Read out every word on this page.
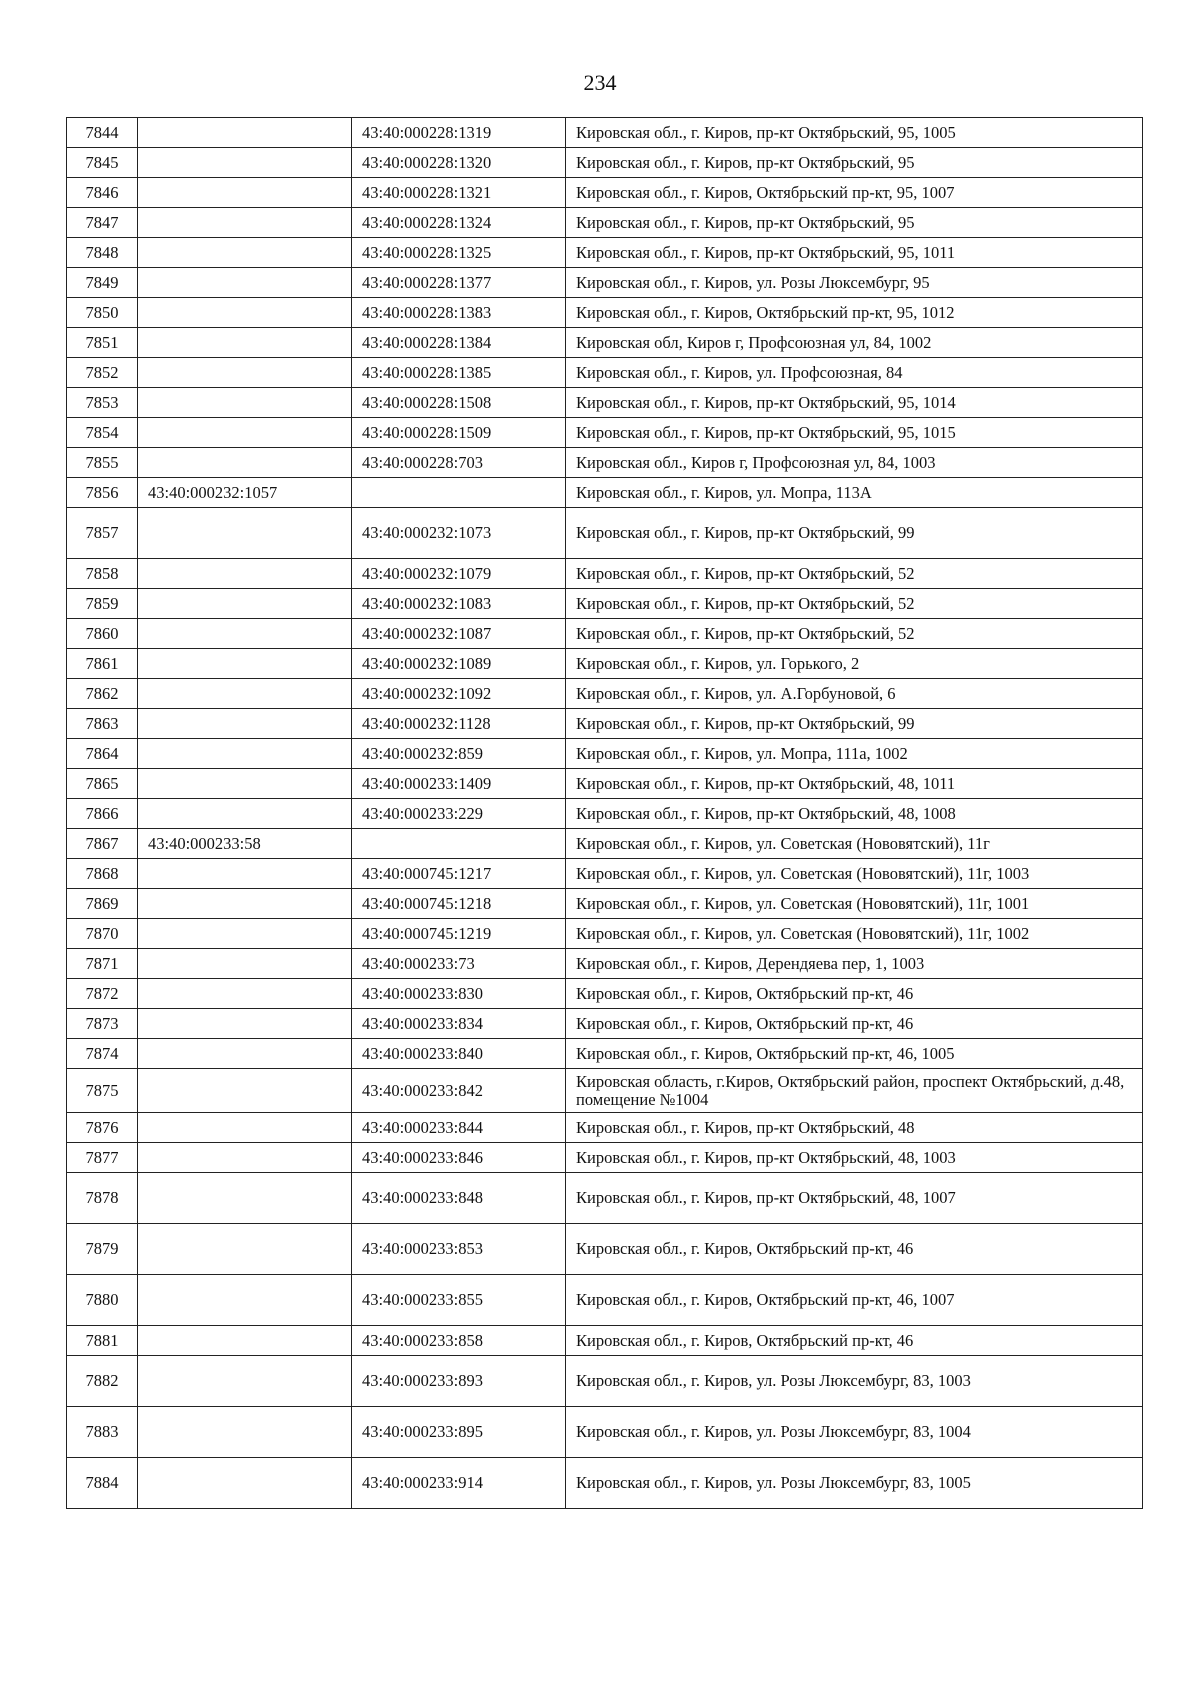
234
7844		43:40:000228:1319	Кировская обл., г. Киров, пр-кт Октябрьский, 95, 1005
7845		43:40:000228:1320	Кировская обл., г. Киров, пр-кт Октябрьский, 95
7846		43:40:000228:1321	Кировская обл., г. Киров, Октябрьский пр-кт, 95, 1007
7847		43:40:000228:1324	Кировская обл., г. Киров, пр-кт Октябрьский, 95
7848		43:40:000228:1325	Кировская обл., г. Киров, пр-кт Октябрьский, 95, 1011
7849		43:40:000228:1377	Кировская обл., г. Киров, ул. Розы Люксембург, 95
7850		43:40:000228:1383	Кировская обл., г. Киров, Октябрьский пр-кт, 95, 1012
7851		43:40:000228:1384	Кировская обл, Киров г, Профсоюзная ул, 84, 1002
7852		43:40:000228:1385	Кировская обл., г. Киров, ул. Профсоюзная, 84
7853		43:40:000228:1508	Кировская обл., г. Киров, пр-кт Октябрьский, 95, 1014
7854		43:40:000228:1509	Кировская обл., г. Киров, пр-кт Октябрьский, 95, 1015
7855		43:40:000228:703	Кировская обл., Киров г, Профсоюзная ул, 84, 1003
7856	43:40:000232:1057		Кировская обл., г. Киров, ул. Мопра, 113А
7857		43:40:000232:1073	Кировская обл., г. Киров, пр-кт Октябрьский, 99
7858		43:40:000232:1079	Кировская обл., г. Киров, пр-кт Октябрьский, 52
7859		43:40:000232:1083	Кировская обл., г. Киров, пр-кт Октябрьский, 52
7860		43:40:000232:1087	Кировская обл., г. Киров, пр-кт Октябрьский, 52
7861		43:40:000232:1089	Кировская обл., г. Киров, ул. Горького, 2
7862		43:40:000232:1092	Кировская обл., г. Киров, ул. А.Горбуновой, 6
7863		43:40:000232:1128	Кировская обл., г. Киров, пр-кт Октябрьский, 99
7864		43:40:000232:859	Кировская обл., г. Киров, ул. Мопра, 111а, 1002
7865		43:40:000233:1409	Кировская обл., г. Киров, пр-кт Октябрьский, 48, 1011
7866		43:40:000233:229	Кировская обл., г. Киров, пр-кт Октябрьский, 48, 1008
7867	43:40:000233:58		Кировская обл., г. Киров, ул. Советская (Нововятский), 11г
7868		43:40:000745:1217	Кировская обл., г. Киров, ул. Советская (Нововятский), 11г, 1003
7869		43:40:000745:1218	Кировская обл., г. Киров, ул. Советская (Нововятский), 11г, 1001
7870		43:40:000745:1219	Кировская обл., г. Киров, ул. Советская (Нововятский), 11г, 1002
7871		43:40:000233:73	Кировская обл., г. Киров, Дерендяева пер, 1, 1003
7872		43:40:000233:830	Кировская обл., г. Киров, Октябрьский пр-кт, 46
7873		43:40:000233:834	Кировская обл., г. Киров, Октябрьский пр-кт, 46
7874		43:40:000233:840	Кировская обл., г. Киров, Октябрьский пр-кт, 46, 1005
7875		43:40:000233:842	Кировская область, г.Киров, Октябрьский район, проспект Октябрьский, д.48, помещение №1004
7876		43:40:000233:844	Кировская обл., г. Киров, пр-кт Октябрьский, 48
7877		43:40:000233:846	Кировская обл., г. Киров, пр-кт Октябрьский, 48, 1003
7878		43:40:000233:848	Кировская обл., г. Киров, пр-кт Октябрьский, 48, 1007
7879		43:40:000233:853	Кировская обл., г. Киров, Октябрьский пр-кт, 46
7880		43:40:000233:855	Кировская обл., г. Киров, Октябрьский пр-кт, 46, 1007
7881		43:40:000233:858	Кировская обл., г. Киров, Октябрьский пр-кт, 46
7882		43:40:000233:893	Кировская обл., г. Киров, ул. Розы Люксембург, 83, 1003
7883		43:40:000233:895	Кировская обл., г. Киров, ул. Розы Люксембург, 83, 1004
7884		43:40:000233:914	Кировская обл., г. Киров, ул. Розы Люксембург, 83, 1005
